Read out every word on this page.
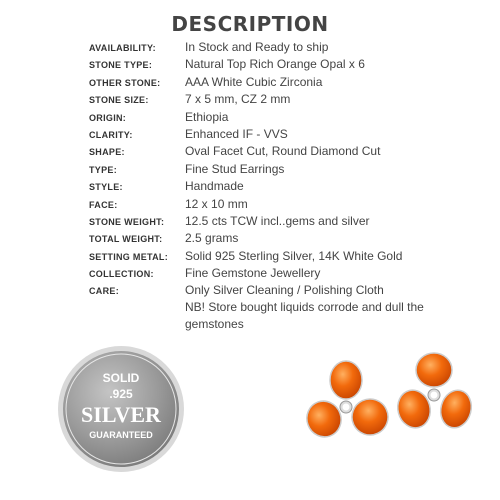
DESCRIPTION
AVAILABILITY: In Stock and Ready to ship
STONE TYPE:	Natural Top Rich Orange Opal x 6
OTHER STONE: AAA White Cubic Zirconia
STONE SIZE:	7 x 5 mm, CZ 2 mm
ORIGIN:	Ethiopia
CLARITY:	Enhanced IF - VVS
SHAPE:	Oval Facet Cut, Round Diamond Cut
TYPE:	Fine Stud Earrings
STYLE:	Handmade
FACE:	12 x 10 mm
STONE WEIGHT: 12.5 cts TCW incl..gems and silver
TOTAL WEIGHT: 2.5 grams
SETTING METAL: Solid 925 Sterling Silver, 14K White Gold
COLLECTION:	Fine Gemstone Jewellery
CARE:	Only Silver Cleaning / Polishing Cloth
NB! Store bought liquids corrode and dull the gemstones
SOLID
.925
SILVER
GUARANTEED
